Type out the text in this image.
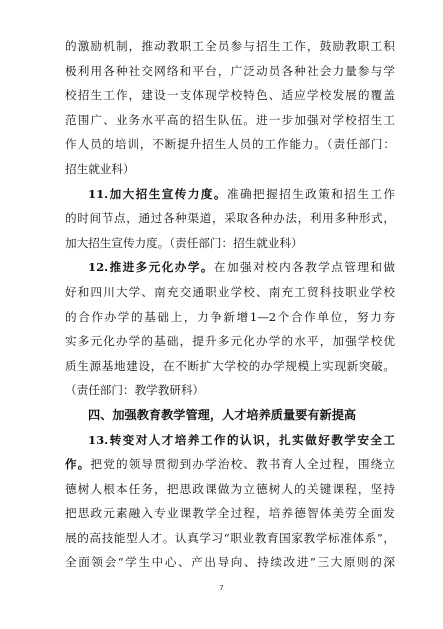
的激励机制，推动教职工全员参与招生工作，鼓励教职工积
极利用各种社交网络和平台，广泛动员各种社会力量参与学
校招生工作，建设一支体现学校特色、适应学校发展的覆盖
范围广、业务水平高的招生队伍。进一步加强对学校招生工
作人员的培训，不断提升招生人员的工作能力。（责任部门：
招生就业科）
11.加大招生宣传力度。准确把握招生政策和招生工作
的时间节点，通过各种渠道，采取各种办法，利用多种形式，
加大招生宣传力度。（责任部门：招生就业科）
12.推进多元化办学。在加强对校内各教学点管理和做
好和四川大学、南充交通职业学校、南充工贸科技职业学校
的合作办学的基础上，力争新增1—2个合作单位，努力夯
实多元化办学的基础，提升多元化办学的水平，加强学校优
质生源基地建设，在不断扩大学校的办学规模上实现新突破。
（责任部门：教学教研科）
四、加强教育教学管理，人才培养质量要有新提高
13.转变对人才培养工作的认识，扎实做好教学安全工
作。把党的领导贯彻到办学治校、教书育人全过程，围绕立
德树人根本任务，把思政课做为立德树人的关键课程，坚持
把思政元素融入专业课教学全过程，培养德智体美劳全面发
展的高技能型人才。认真学习“职业教育国家教学标准体系”，
全面领会“学生中心、产出导向、持续改进”三大原则的深
7
